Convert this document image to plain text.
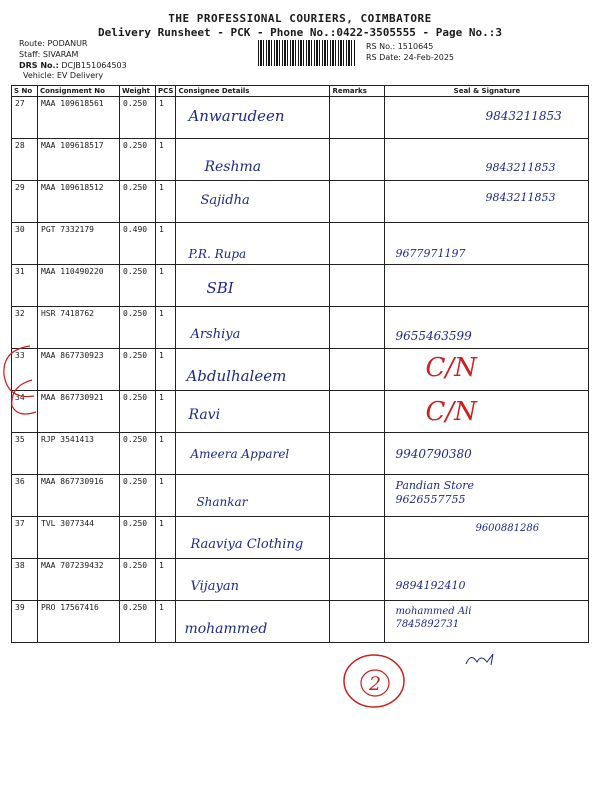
THE PROFESSIONAL COURIERS, COIMBATORE
Delivery Runsheet - PCK - Phone No.:0422-3505555 - Page No.:3
Route: PODANUR
Staff: SIVARAM
DRS No.: DCJB151064503
Vehicle: EV Delivery
RS No.: 1510645
RS Date: 24-Feb-2025
S No	Consignment No	Weight	PCS	Consignee Details	Remarks	Seal & Signature
27	MAA 109618561	0.250	1	Anwarudeen		9843211853

28	MAA 109618517	0.250	1	Reshma		9843211853

29	MAA 109618512	0.250	1	Sajidha		9843211853

30	PGT 7332179	0.490	1	P.R. Rupa		9677971197

31	MAA 110490220	0.250	1	SBI		

32	HSR 7418762	0.250	1	Arshiya		9655463599

33	MAA 867730923	0.250	1	Abdulhaleem		C/N

34	MAA 867730921	0.250	1	Ravi		C/N

35	RJP 3541413	0.250	1	Ameera Apparel		9940790380

36	MAA 867730916	0.250	1	Shankar		Pandian Store 9626557755

37	TVL 3077344	0.250	1	Raaviya Clothing		9600881286

38	MAA 707239432	0.250	1	Vijayan		9894192410

39	PRO 17567416	0.250	1	mohammed		mohammed Ali 7845892731
2
